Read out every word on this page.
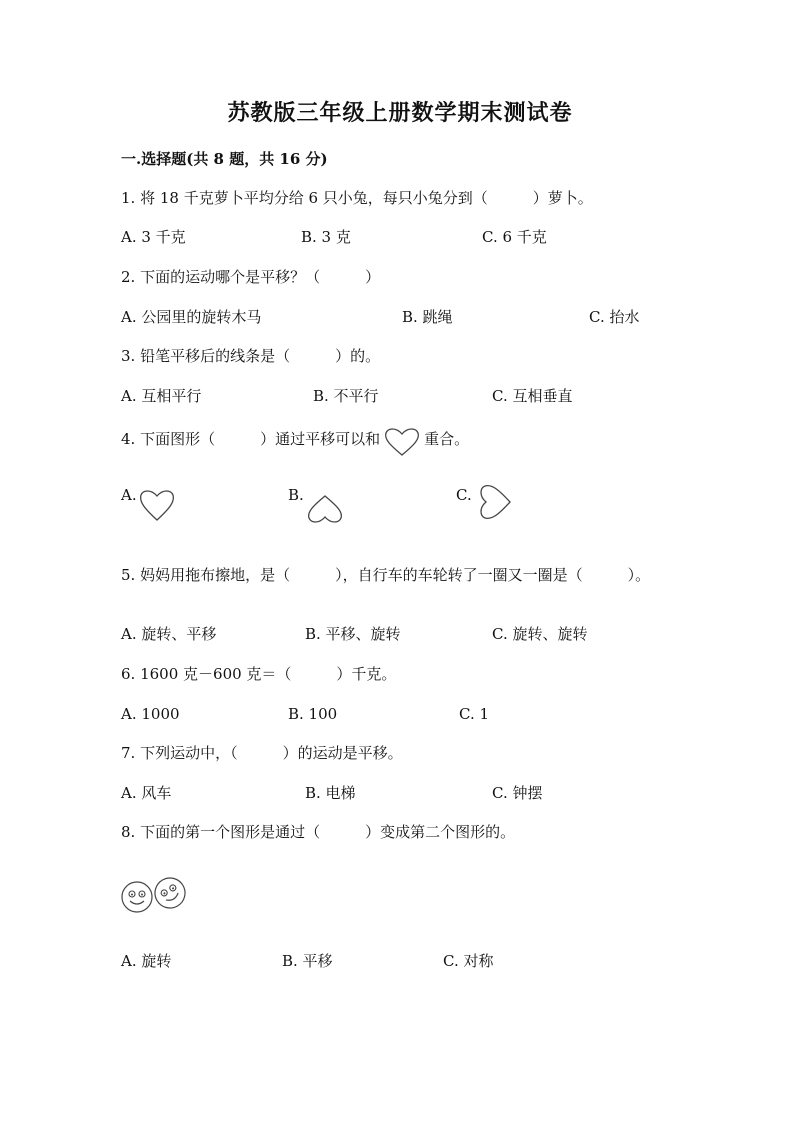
苏教版三年级上册数学期末测试卷
一.选择题(共 8 题，共 16 分)
1. 将 18 千克萝卜平均分给 6 只小兔，每只小兔分到（　　　）萝卜。
A. 3 千克	B. 3 克	C. 6 千克
2. 下面的运动哪个是平移？（　　　）
A. 公园里的旋转木马	B. 跳绳	C. 抬水
3. 铅笔平移后的线条是（　　　）的。
A. 互相平行	B. 不平行	C. 互相垂直
4. 下面图形（　　　）通过平移可以和	重合。
A.	B.	C.
5. 妈妈用拖布擦地，是（　　　），自行车的车轮转了一圈又一圈是（　　　）。
A. 旋转、平移	B. 平移、旋转	C. 旋转、旋转
6. 1600 克－600 克＝（　　　）千克。
A. 1000	B. 100	C. 1
7. 下列运动中，（　　　）的运动是平移。
A. 风车	B. 电梯	C. 钟摆
8. 下面的第一个图形是通过（　　　）变成第二个图形的。
A. 旋转	B. 平移	C. 对称
